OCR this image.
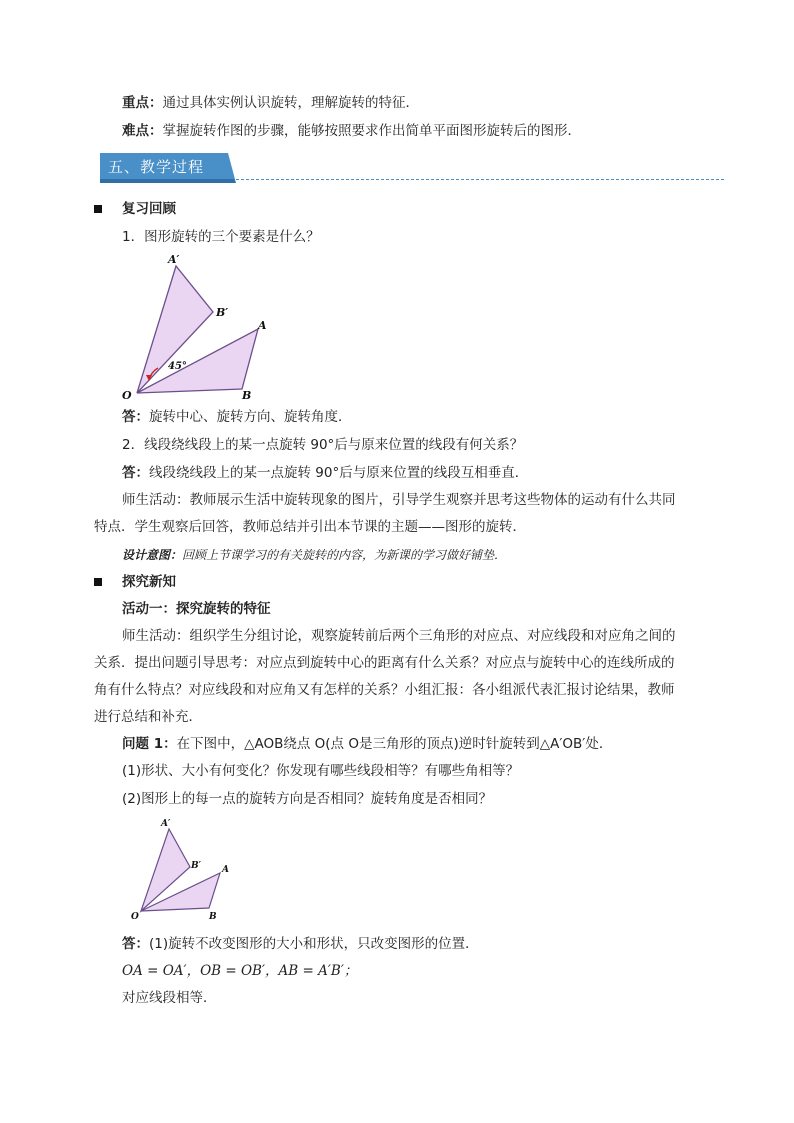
重点：通过具体实例认识旋转，理解旋转的特征．
难点：掌握旋转作图的步骤，能够按照要求作出简单平面图形旋转后的图形．
五、教学过程
复习回顾
1．图形旋转的三个要素是什么？
45°
A′
B′
A
O	B
答：旋转中心、旋转方向、旋转角度．
2．线段绕线段上的某一点旋转 90°后与原来位置的线段有何关系？
答：线段绕线段上的某一点旋转 90°后与原来位置的线段互相垂直．
师生活动：教师展示生活中旋转现象的图片，引导学生观察并思考这些物体的运动有什么共同
特点．学生观察后回答，教师总结并引出本节课的主题——图形的旋转．
设计意图：回顾上节课学习的有关旋转的内容，为新课的学习做好铺垫．
探究新知
活动一：探究旋转的特征
师生活动：组织学生分组讨论，观察旋转前后两个三角形的对应点、对应线段和对应角之间的
关系．提出问题引导思考：对应点到旋转中心的距离有什么关系？对应点与旋转中心的连线所成的
角有什么特点？对应线段和对应角又有怎样的关系？小组汇报：各小组派代表汇报讨论结果，教师
进行总结和补充．
问题 1：在下图中，△AOB绕点 O(点 O是三角形的顶点)逆时针旋转到△A′OB′处．
(1)形状、大小有何变化？你发现有哪些线段相等？有哪些角相等？
(2)图形上的每一点的旋转方向是否相同？旋转角度是否相同？
A′
B′ A
O	B
答：(1)旋转不改变图形的大小和形状，只改变图形的位置．
OA = OA′，OB = OB′，AB = A′B′；
对应线段相等．
